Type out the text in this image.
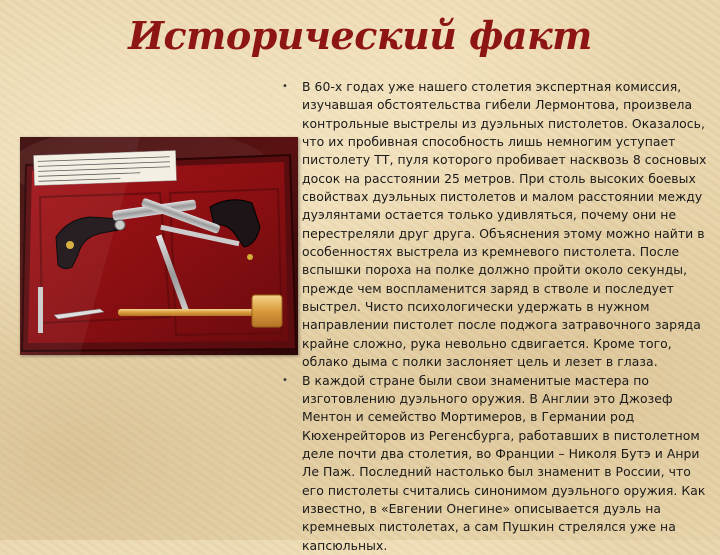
Исторический факт
•	В 60-х годах уже нашего столетия экспертная комиссия, изучавшая обстоятельства гибели Лермонтова, произвела контрольные выстрелы из дуэльных пистолетов. Оказалось, что их пробивная способность лишь немногим уступает пистолету ТТ, пуля которого пробивает насквозь 8 сосновых досок на расстоянии 25 метров. При столь высоких боевых свойствах дуэльных пистолетов и малом расстоянии между дуэлянтами остается только удивляться, почему они не перестреляли друг друга. Объяснения этому можно найти в особенностях выстрела из кремневого пистолета. После вспышки пороха на полке должно пройти около секунды, прежде чем воспламенится заряд в стволе и последует выстрел. Чисто психологически удержать в нужном направлении пистолет после поджога затравочного заряда крайне сложно, рука невольно сдвигается. Кроме того, облако дыма с полки заслоняет цель и лезет в глаза.
•	В каждой стране были свои знаменитые мастера по изготовлению дуэльного оружия. В Англии это Джозеф Ментон и семейство Мортимеров, в Германии род Кюхенрейторов из Регенсбурга, работавших в пистолетном деле почти два столетия, во Франции – Николя Бутэ и Анри Ле Паж. Последний настолько был знаменит в России, что его пистолеты считались синонимом дуэльного оружия. Как известно, в «Евгении Онегине» описывается дуэль на кремневых пистолетах, а сам Пушкин стрелялся уже на капсюльных.
